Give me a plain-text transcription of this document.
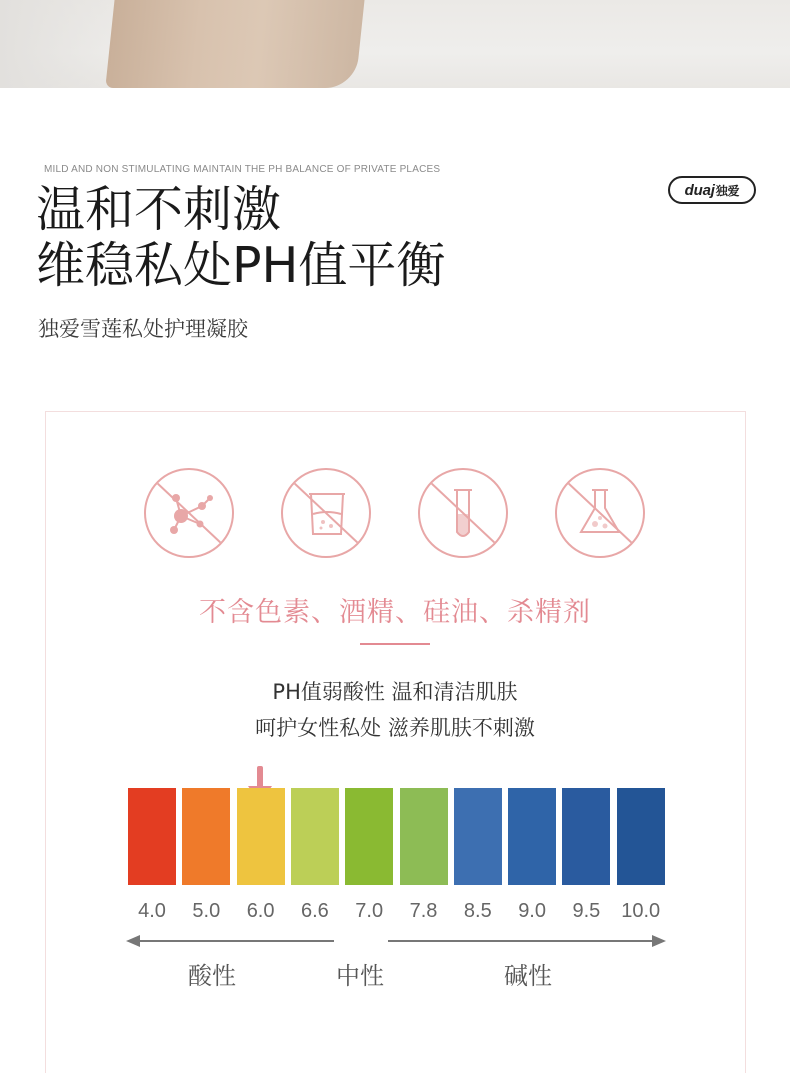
MILD AND NON STIMULATING MAINTAIN THE PH BALANCE OF PRIVATE PLACES
duaj 独爱
温和不刺激
维稳私处PH值平衡
独爱雪莲私处护理凝胶
不含色素、酒精、硅油、杀精剂
PH值弱酸性 温和清洁肌肤
呵护女性私处 滋养肌肤不刺激
4.0	5.0	6.0	6.6	7.0	7.8	8.5	9.0	9.5	10.0
酸性	中性	碱性
